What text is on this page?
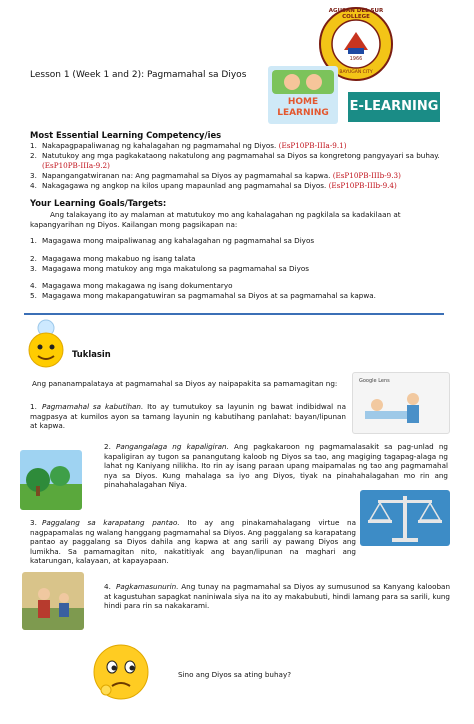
Lesson 1 (Week 1 and 2): Pagmamahal sa Diyos
AGUSAN DEL SUR COLLEGE
1966
BAYUGAN CITY
HOME LEARNING	E-LEARNING
Most Essential Learning Competency/ies
1. Nakapagpapaliwanag ng kahalagahan ng pagmamahal ng Diyos. (EsP10PB-IIIa-9.1)
2. Natutukoy ang mga pagkakataong nakatulong ang pagmamahal sa Diyos sa kongretong pangyayari sa buhay.
(EsP10PB-IIIa-9.2)
3. Napangangatwiranan na: Ang pagmamahal sa Diyos ay pagmamahal sa kapwa. (EsP10PB-IIIb-9.3)
4. Nakagagawa ng angkop na kilos upang mapaunlad ang pagmamahal sa Diyos. (EsP10PB-IIIb-9.4)
Your Learning Goals/Targets:
Ang talakayang ito ay malaman at matutukoy mo ang kahalagahan ng pagkilala sa kadakilaan at kapangyarihan ng Diyos. Kailangan mong pagsikapan na:
1. Magagawa mong maipaliwanag ang kahalagahan ng pagmamahal sa Diyos
2. Magagawa mong makabuo ng isang talata
3. Magagawa mong matukoy ang mga makatulong sa pagmamahal sa Diyos
4. Magagawa mong makagawa ng isang dokumentaryo
5. Magagawa mong makapangatuwiran sa pagmamahal sa Diyos at sa pagmamahal sa kapwa.
Tuklasin
Google Lens
Ang pananampalataya at pagmamahal sa Diyos ay naipapakita sa pamamagitan ng:
1. Pagmamahal sa kabutihan. Ito ay tumutukoy sa layunin ng bawat indibidwal na magpasya at kumilos ayon sa tamang layunin ng kabutihang panlahat: bayan/lipunan at kapwa.
2. Pangangalaga ng kapaligiran. Ang pagkakaroon ng pagmamalasakit sa pag-unlad ng kapaligiran ay tugon sa panangutang kaloob ng Diyos sa tao, ang magiging tagapag-alaga ng lahat ng Kaniyang nilikha. Ito rin ay isang paraan upang maipamalas ng tao ang pagmamahal nya sa Diyos. Kung mahalaga sa iyo ang Diyos, tiyak na pinahahalagahan mo rin ang pinahahalagahan Niya.
3. Paggalang sa karapatang pantao. Ito ay ang pinakamahalagang virtue na nagpapamalas ng walang hanggang pagmamahal sa Diyos. Ang paggalang sa karapatang pantao ay paggalang sa Diyos dahila ang kapwa at ang sarili ay pawang Diyos ang lumikha. Sa pamamagitan nito, nakatitiyak ang bayan/lipunan na maghari ang katarungan, kalayaan, at kapayapaan.
4. Pagkamasunurin. Ang tunay na pagmamahal sa Diyos ay sumusunod sa Kanyang kalooban at kagustuhan sapagkat naniniwala siya na ito ay makabubuti, hindi lamang para sa sarili, kung hindi para rin sa nakakarami.
Sino ang Diyos sa ating buhay?
